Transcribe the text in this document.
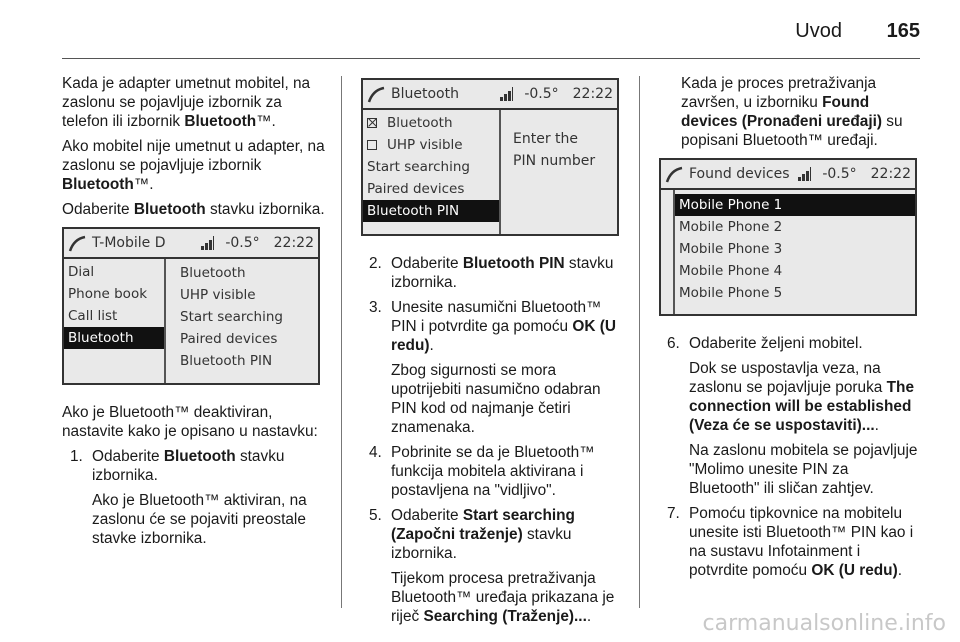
Uvod 165

Kada je adapter umetnut mobitel, na zaslonu se pojavljuje izbornik za telefon ili izbornik Bluetooth™.

Ako mobitel nije umetnut u adapter, na zaslonu se pojavljuje izbornik Bluetooth™.

Odaberite Bluetooth stavku izbornika.

T-Mobile D	-0.5° 22:22
Dial
Phone book
Call list
Bluetooth
Bluetooth
UHP visible
Start searching
Paired devices
Bluetooth PIN

Ako je Bluetooth™ deaktiviran, nastavite kako je opisano u nastavku:

1. Odaberite Bluetooth stavku izbornika.
Ako je Bluetooth™ aktiviran, na zaslonu će se pojaviti preostale stavke izbornika.
Bluetooth	-0.5° 22:22
Bluetooth
UHP visible
Start searching
Paired devices
Bluetooth PIN
Enter the
PIN number
2. Odaberite Bluetooth PIN stavku izbornika.
3. Unesite nasumični Bluetooth™ PIN i potvrdite ga pomoću OK (U redu).
Zbog sigurnosti se mora upotrijebiti nasumično odabran PIN kod od najmanje četiri znamenaka.
4. Pobrinite se da je Bluetooth™ funkcija mobitela aktivirana i postavljena na "vidljivo".
5. Odaberite Start searching (Započni traženje) stavku izbornika.
Tijekom procesa pretraživanja Bluetooth™ uređaja prikazana je riječ Searching (Traženje)....

Kada je proces pretraživanja završen, u izborniku Found devices (Pronađeni uređaji) su popisani Bluetooth™ uređaji.

Found devices	-0.5° 22:22
Mobile Phone 1
Mobile Phone 2
Mobile Phone 3
Mobile Phone 4
Mobile Phone 5
6. Odaberite željeni mobitel.
Dok se uspostavlja veza, na zaslonu se pojavljuje poruka The connection will be established (Veza će se uspostaviti)....
Na zaslonu mobitela se pojavljuje "Molimo unesite PIN za Bluetooth" ili sličan zahtjev.
7. Pomoću tipkovnice na mobitelu unesite isti Bluetooth™ PIN kao i na sustavu Infotainment i potvrdite pomoću OK (U redu).
carmanualsonline.info
